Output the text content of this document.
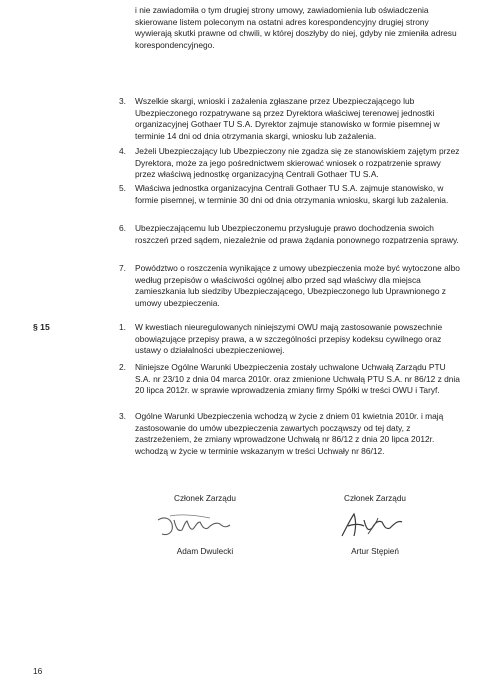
i nie zawiadomiła o tym drugiej strony umowy, zawiadomienia lub oświadczenia skierowane listem poleconym na ostatni adres korespondencyjny drugiej strony wywierają skutki prawne od chwili, w której doszłyby do niej, gdyby nie zmieniła adresu korespondencyjnego.

3. Wszelkie skargi, wnioski i zażalenia zgłaszane przez Ubezpieczającego lub Ubezpieczonego rozpatrywane są przez Dyrektora właściwej terenowej jednostki organizacyjnej Gothaer TU S.A. Dyrektor zajmuje stanowisko w formie pisemnej w terminie 14 dni od dnia otrzymania skargi, wniosku lub zażalenia.
4. Jeżeli Ubezpieczający lub Ubezpieczony nie zgadza się ze stanowiskiem zajętym przez Dyrektora, może za jego pośrednictwem skierować wniosek o rozpatrzenie sprawy przez właściwą jednostkę organizacyjną Centrali Gothaer TU S.A.
5. Właściwa jednostka organizacyjna Centrali Gothaer TU S.A. zajmuje stanowisko, w formie pisemnej, w terminie 30 dni od dnia otrzymania wniosku, skargi lub zażalenia.
6. Ubezpieczającemu lub Ubezpieczonemu przysługuje prawo dochodzenia swoich roszczeń przed sądem, niezależnie od prawa żądania ponownego rozpatrzenia sprawy.
7. Powództwo o roszczenia wynikające z umowy ubezpieczenia może być wytoczone albo według przepisów o właściwości ogólnej albo przed sąd właściwy dla miejsca zamieszkania lub siedziby Ubezpieczającego, Ubezpieczonego lub Uprawnionego z umowy ubezpieczenia.
§ 15	1. W kwestiach nieuregulowanych niniejszymi OWU mają zastosowanie powszechnie obowiązujące przepisy prawa, a w szczególności przepisy kodeksu cywilnego oraz ustawy o działalności ubezpieczeniowej.
2. Niniejsze Ogólne Warunki Ubezpieczenia zostały uchwalone Uchwałą Zarządu PTU S.A. nr 23/10 z dnia 04 marca 2010r. oraz zmienione Uchwałą PTU S.A. nr 86/12 z dnia 20 lipca 2012r. w sprawie wprowadzenia zmiany firmy Spółki w treści OWU i Taryf.
3. Ogólne Warunki Ubezpieczenia wchodzą w życie z dniem 01 kwietnia 2010r. i mają zastosowanie do umów ubezpieczenia zawartych począwszy od tej daty, z zastrzeżeniem, że zmiany wprowadzone Uchwałą nr 86/12 z dnia 20 lipca 2012r. wchodzą w życie w terminie wskazanym w treści Uchwały nr 86/12.
Członek Zarządu
Adam Dwulecki
Członek Zarządu
Artur Stępień
16
